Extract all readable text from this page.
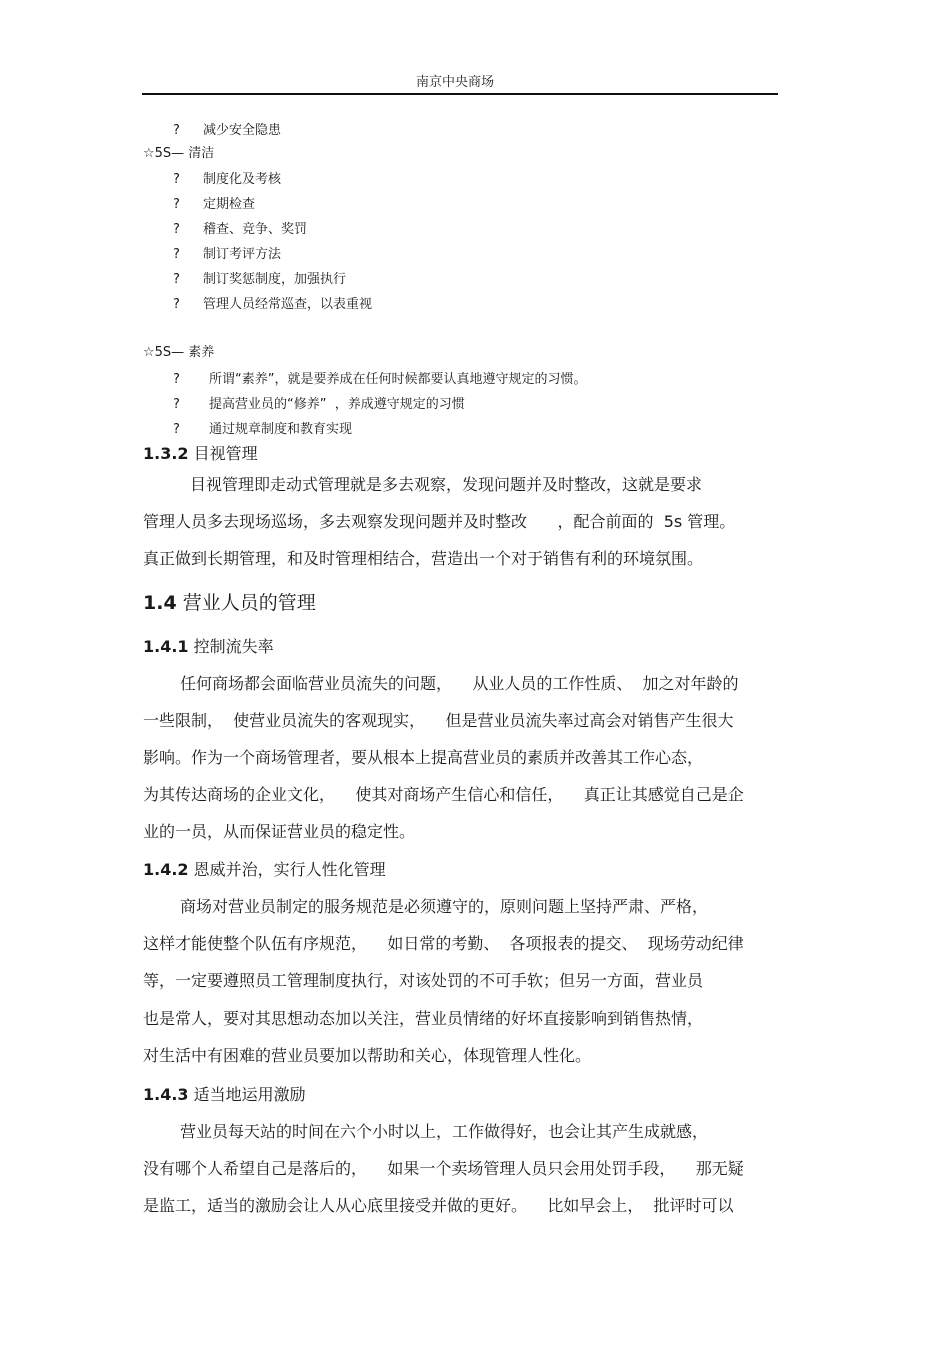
南京中央商场
? 减少安全隐患
☆5S— 清洁
? 制度化及考核
? 定期检查
? 稽查、竞争、奖罚
? 制订考评方法
? 制订奖惩制度，加强执行
? 管理人员经常巡查，以表重视
☆5S— 素养
? 所谓“素养”，就是要养成在任何时候都要认真地遵守规定的习惯。
? 提高营业员的“修养”  ，养成遵守规定的习惯
? 通过规章制度和教育实现
1.3.2 目视管理
目视管理即走动式管理就是多去观察，发现问题并及时整改，这就是要求
管理人员多去现场巡场，多去观察发现问题并及时整改      ，配合前面的  5s 管理。
真正做到长期管理，和及时管理相结合，营造出一个对于销售有利的环境氛围。
1.4 营业人员的管理
1.4.1 控制流失率
任何商场都会面临营业员流失的问题，    从业人员的工作性质、  加之对年龄的
一些限制，  使营业员流失的客观现实，    但是营业员流失率过高会对销售产生很大
影响。作为一个商场管理者，要从根本上提高营业员的素质并改善其工作心态，
为其传达商场的企业文化，    使其对商场产生信心和信任，    真正让其感觉自己是企
业的一员，从而保证营业员的稳定性。
1.4.2 恩威并治，实行人性化管理
商场对营业员制定的服务规范是必须遵守的，原则问题上坚持严肃、严格，
这样才能使整个队伍有序规范，    如日常的考勤、  各项报表的提交、  现场劳动纪律
等，一定要遵照员工管理制度执行，对该处罚的不可手软；但另一方面，营业员
也是常人，要对其思想动态加以关注，营业员情绪的好坏直接影响到销售热情，
对生活中有困难的营业员要加以帮助和关心，体现管理人性化。
1.4.3 适当地运用激励
营业员每天站的时间在六个小时以上，工作做得好，也会让其产生成就感，
没有哪个人希望自己是落后的，    如果一个卖场管理人员只会用处罚手段，    那无疑
是监工，适当的激励会让人从心底里接受并做的更好。    比如早会上，  批评时可以
